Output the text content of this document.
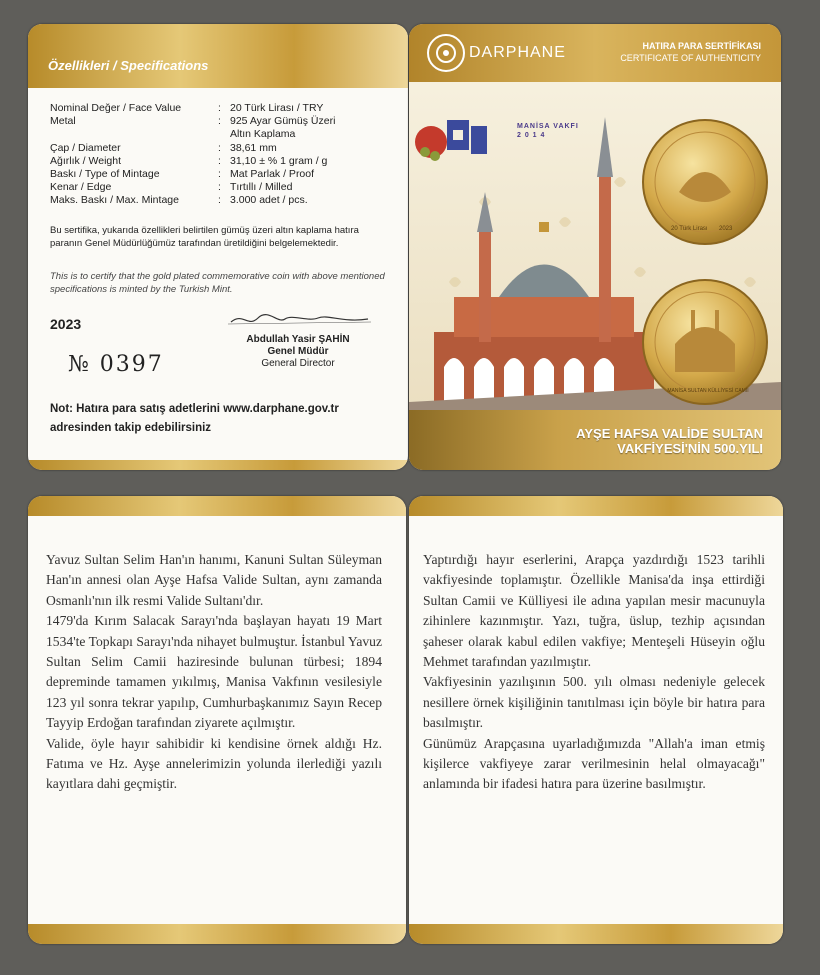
Özellikleri / Specifications
Nominal Değer / Face Value	: 20 Türk Lirası / TRY
Metal	: 925 Ayar Gümüş Üzeri
Altın Kaplama
Çap / Diameter	: 38,61 mm
Ağırlık / Weight	: 31,10 ± % 1 gram / g
Baskı / Type of Mintage	: Mat Parlak / Proof
Kenar / Edge	: Tırtıllı / Milled
Maks. Baskı / Max. Mintage	: 3.000 adet / pcs.
Bu sertifika, yukarıda özellikleri belirtilen gümüş üzeri altın kaplama hatıra paranın Genel Müdürlüğümüz tarafından üretildiğini belgelemektedir.
This is to certify that the gold plated commemorative coin with above mentioned specifications is minted by the Turkish Mint.
2023
Abdullah Yasir ŞAHİN
Genel Müdür
General Director
№ 0397
Not: Hatıra para satış adetlerini www.darphane.gov.tr adresinden takip edebilirsiniz
DARPHANE	HATIRA PARA SERTİFİKASI
CERTIFICATE OF AUTHENTICITY
MANİSA VAKFI
2 0 1 4
20 Türk Lirası 2023
MANİSA SULTAN KÜLLİYESİ CAMİİ
AYŞE HAFSA VALİDE SULTAN
VAKFİYESİ'NİN 500.YILI

Yavuz Sultan Selim Han'ın hanımı, Kanuni Sultan Süleyman Han'ın annesi olan Ayşe Hafsa Valide Sultan, aynı zamanda Osmanlı'nın ilk resmi Valide Sultanı'dır.

1479'da Kırım Salacak Sarayı'nda başlayan hayatı 19 Mart 1534'te Topkapı Sarayı'nda nihayet bulmuştur. İstanbul Yavuz Sultan Selim Camii haziresinde bulunan türbesi; 1894 depreminde tamamen yıkılmış, Manisa Vakfının vesilesiyle 123 yıl sonra tekrar yapılıp, Cumhurbaşkanımız Sayın Recep Tayyip Erdoğan tarafından ziyarete açılmıştır.

Valide, öyle hayır sahibidir ki kendisine örnek aldığı Hz. Fatıma ve Hz. Ayşe annelerimizin yolunda ilerlediği yazılı kayıtlara dahi geçmiştir.

Yaptırdığı hayır eserlerini, Arapça yazdırdığı 1523 tarihli vakfiyesinde toplamıştır. Özellikle Manisa'da inşa ettirdiği Sultan Camii ve Külliyesi ile adına yapılan mesir macunuyla zihinlere kazınmıştır. Yazı, tuğra, üslup, tezhip açısından şaheser olarak kabul edilen vakfiye; Menteşeli Hüseyin oğlu Mehmet tarafından yazılmıştır.

Vakfiyesinin yazılışının 500. yılı olması nedeniyle gelecek nesillere örnek kişiliğinin tanıtılması için böyle bir hatıra para basılmıştır.

Günümüz Arapçasına uyarladığımızda "Allah'a iman etmiş kişilerce vakfiyeye zarar verilmesinin helal olmayacağı" anlamında bir ifadesi hatıra para üzerine basılmıştır.
